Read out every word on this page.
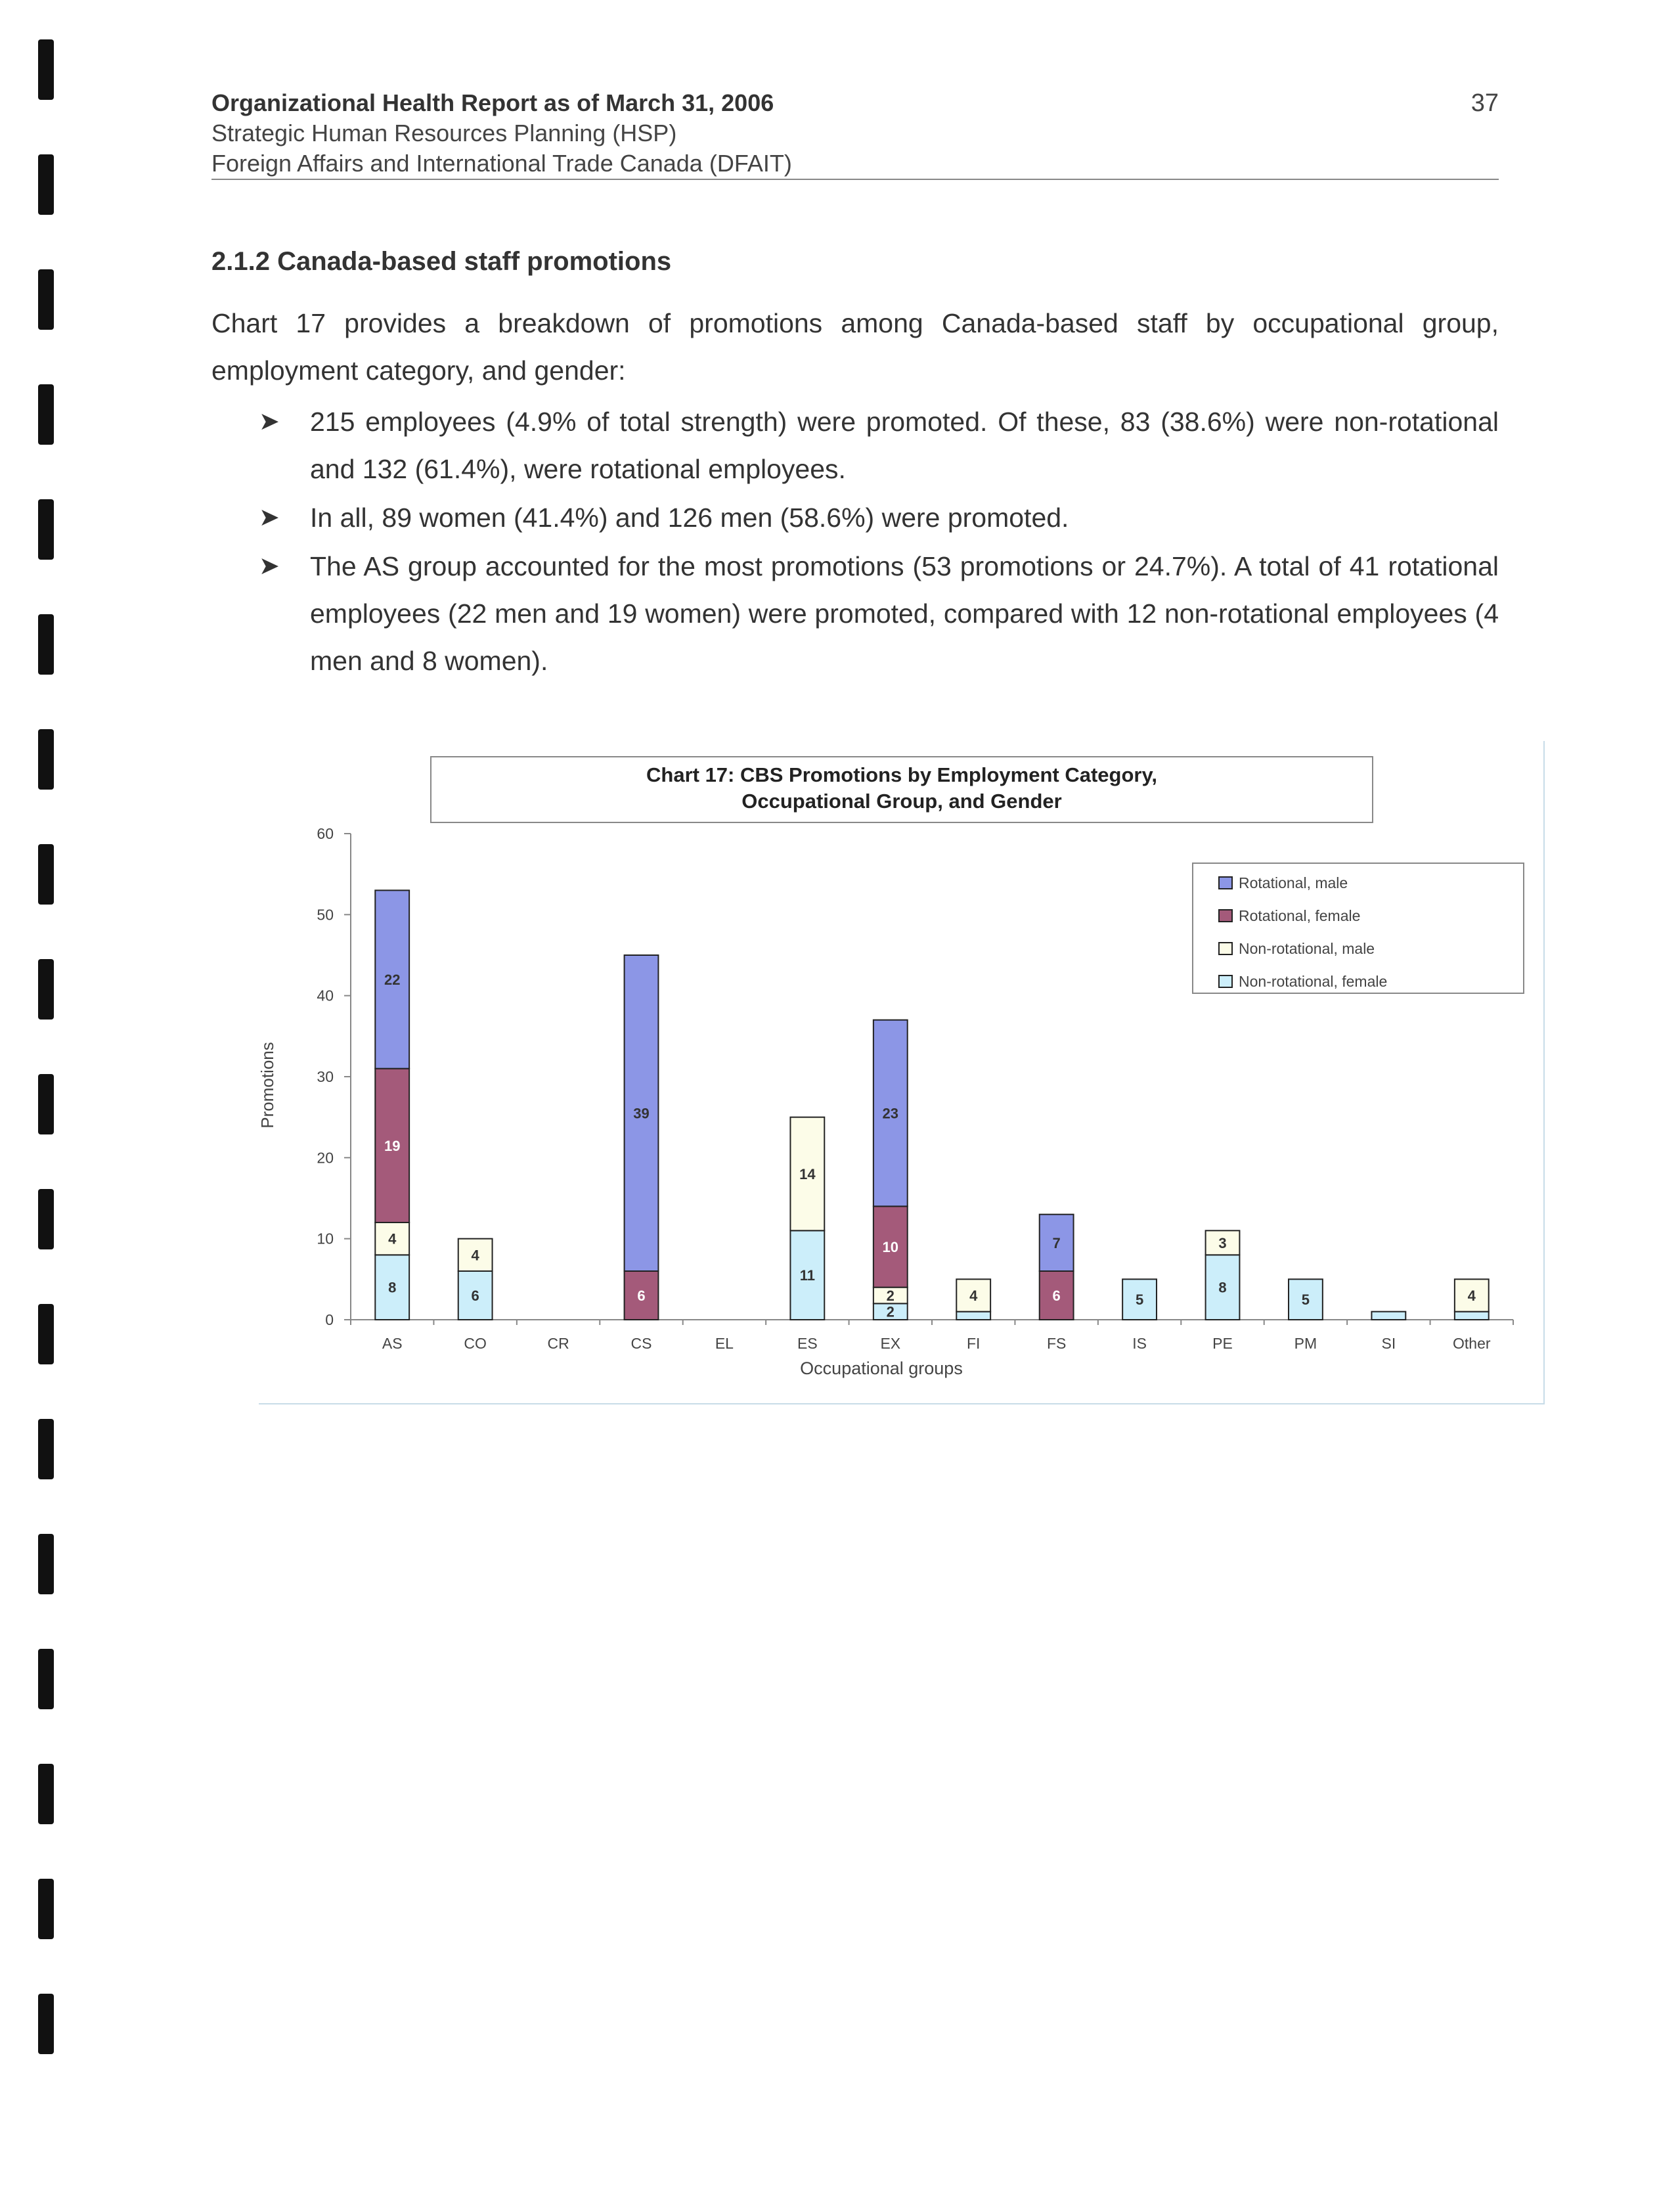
Organizational Health Report as of March 31, 2006
Strategic Human Resources Planning (HSP)
Foreign Affairs and International Trade Canada (DFAIT)
37
2.1.2 Canada-based staff promotions
Chart 17 provides a breakdown of promotions among Canada-based staff by occupational group, employment category, and gender:
➤ 215 employees (4.9% of total strength) were promoted. Of these, 83 (38.6%) were non-rotational and 132 (61.4%), were rotational employees.
➤ In all, 89 women (41.4%) and 126 men (58.6%) were promoted.
➤ The AS group accounted for the most promotions (53 promotions or 24.7%). A total of 41 rotational employees (22 men and 19 women) were promoted, compared with 12 non-rotational employees (4 men and 8 women).
Chart 17: CBS Promotions by Employment Category,
Occupational Group, and Gender
Promotions
Occupational groups
0
10
20
30
40
50
60
8
4
19
22
AS
6
4
CO	CR
6
39
CS	EL
11
14
ES
2
2
10
23
EX
4
FI
6
7
FS
5
IS
8
3
PE
5
PM	SI
4
Other
Rotational, male
Rotational, female
Non-rotational, male
Non-rotational, female
